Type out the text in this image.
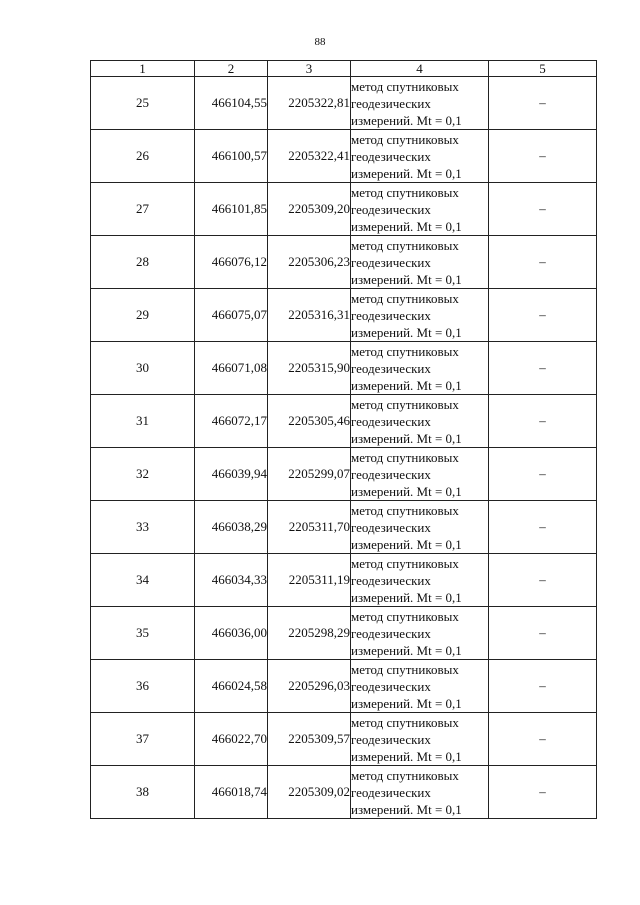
88
1	2	3	4	5
25	466104,55	2205322,81	метод спутниковых
геодезических
измерений. Mt = 0,1	–
26	466100,57	2205322,41	метод спутниковых
геодезических
измерений. Mt = 0,1	–
27	466101,85	2205309,20	метод спутниковых
геодезических
измерений. Mt = 0,1	–
28	466076,12	2205306,23	метод спутниковых
геодезических
измерений. Mt = 0,1	–
29	466075,07	2205316,31	метод спутниковых
геодезических
измерений. Mt = 0,1	–
30	466071,08	2205315,90	метод спутниковых
геодезических
измерений. Mt = 0,1	–
31	466072,17	2205305,46	метод спутниковых
геодезических
измерений. Mt = 0,1	–
32	466039,94	2205299,07	метод спутниковых
геодезических
измерений. Mt = 0,1	–
33	466038,29	2205311,70	метод спутниковых
геодезических
измерений. Mt = 0,1	–
34	466034,33	2205311,19	метод спутниковых
геодезических
измерений. Mt = 0,1	–
35	466036,00	2205298,29	метод спутниковых
геодезических
измерений. Mt = 0,1	–
36	466024,58	2205296,03	метод спутниковых
геодезических
измерений. Mt = 0,1	–
37	466022,70	2205309,57	метод спутниковых
геодезических
измерений. Mt = 0,1	–
38	466018,74	2205309,02	метод спутниковых
геодезических
измерений. Mt = 0,1	–
